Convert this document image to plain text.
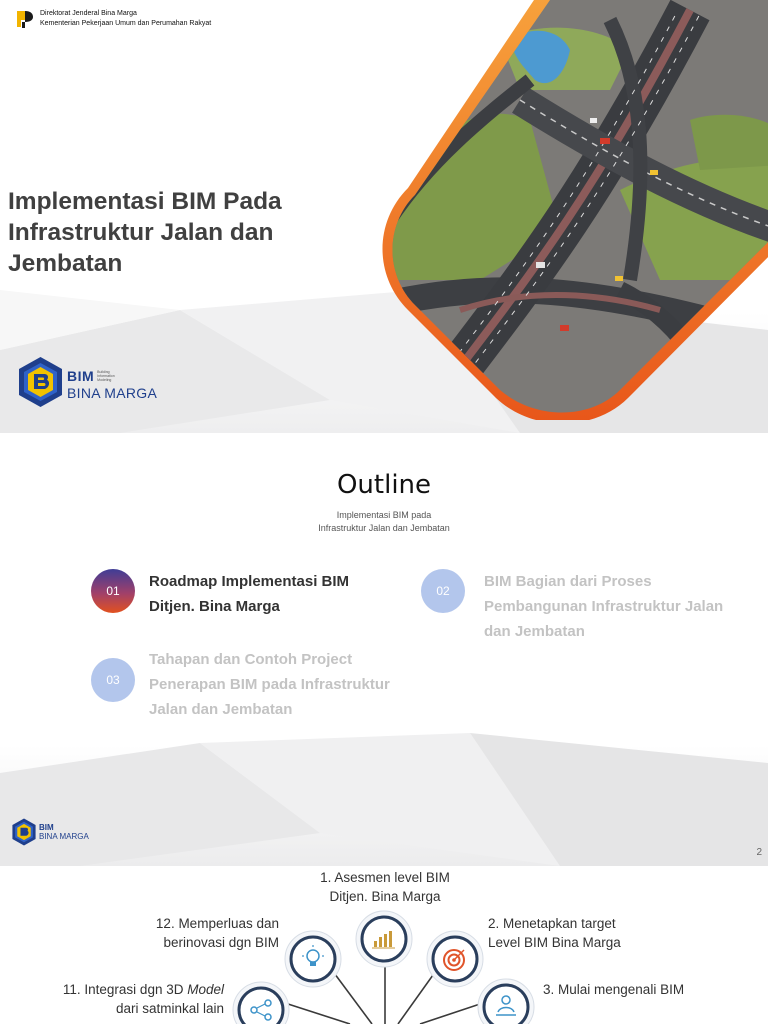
Direktorat Jenderal Bina Marga
Kementerian Pekerjaan Umum dan Perumahan Rakyat
Implementasi BIM Pada Infrastruktur Jalan dan Jembatan
BIM Building
Information
Modeling
BINA MARGA
Outline
Implementasi BIM pada
Infrastruktur Jalan dan Jembatan
01
Roadmap Implementasi BIM
Ditjen. Bina Marga
02
BIM Bagian dari Proses
Pembangunan Infrastruktur Jalan
dan Jembatan
03
Tahapan dan Contoh Project
Penerapan BIM pada Infrastruktur
Jalan dan Jembatan
BIM
BINA MARGA
2
1. Asesmen level BIM
Ditjen. Bina Marga
2. Menetapkan target
Level BIM Bina Marga
3. Mulai mengenali BIM
12. Memperluas dan
berinovasi dgn BIM
11. Integrasi dgn 3D Model
dari satminkal lain
